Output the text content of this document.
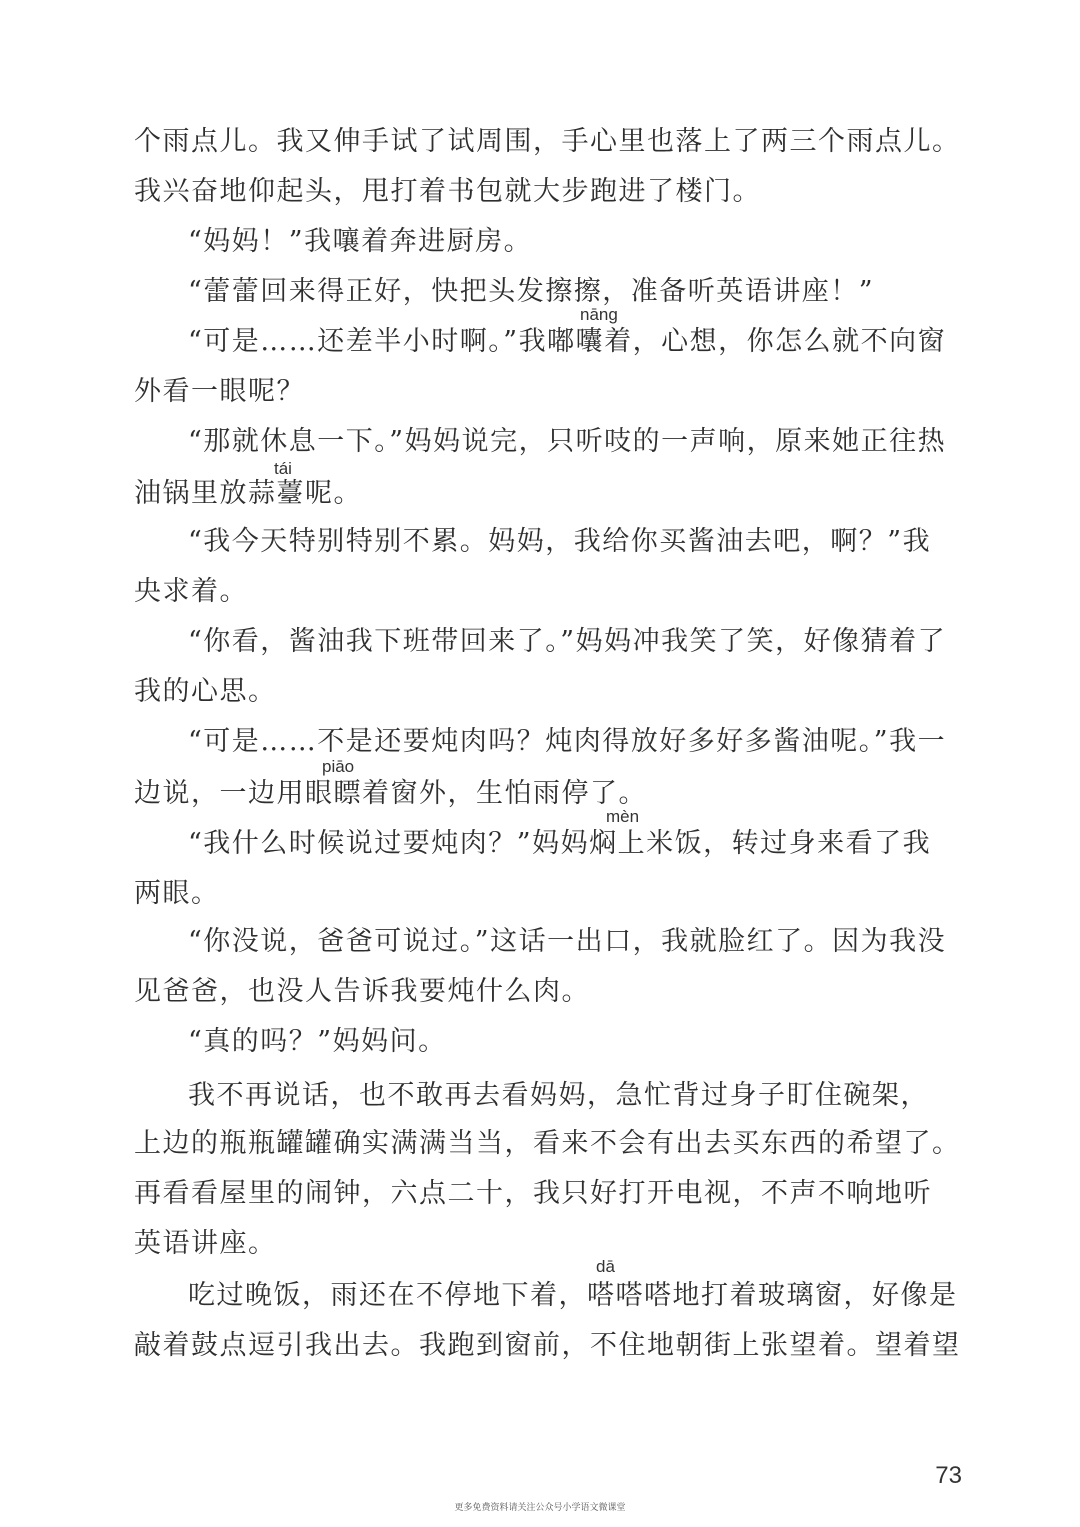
个雨点儿。我又伸手试了试周围，手心里也落上了两三个雨点儿。

我兴奋地仰起头，甩打着书包就大步跑进了楼门。

“妈妈！”我嚷着奔进厨房。

“蕾蕾回来得正好，快把头发擦擦，准备听英语讲座！”

nāng

“可是……还差半小时啊。”我嘟囔着，心想，你怎么就不向窗

外看一眼呢？

“那就休息一下。”妈妈说完，只听吱的一声响，原来她正往热

tái

油锅里放蒜薹呢。

“我今天特别特别不累。妈妈，我给你买酱油去吧，啊？”我

央求着。

“你看，酱油我下班带回来了。”妈妈冲我笑了笑，好像猜着了

我的心思。

“可是……不是还要炖肉吗？炖肉得放好多好多酱油呢。”我一

piāo

边说，一边用眼瞟着窗外，生怕雨停了。

mèn

“我什么时候说过要炖肉？”妈妈焖上米饭，转过身来看了我

两眼。

“你没说，爸爸可说过。”这话一出口，我就脸红了。因为我没

见爸爸，也没人告诉我要炖什么肉。

“真的吗？”妈妈问。

我不再说话，也不敢再去看妈妈，急忙背过身子盯住碗架，

上边的瓶瓶罐罐确实满满当当，看来不会有出去买东西的希望了。

再看看屋里的闹钟，六点二十，我只好打开电视，不声不响地听

英语讲座。

dā

吃过晚饭，雨还在不停地下着，嗒嗒嗒地打着玻璃窗，好像是

敲着鼓点逗引我出去。我跑到窗前，不住地朝街上张望着。望着望

73

更多免费资料请关注公众号小学语文微课堂
